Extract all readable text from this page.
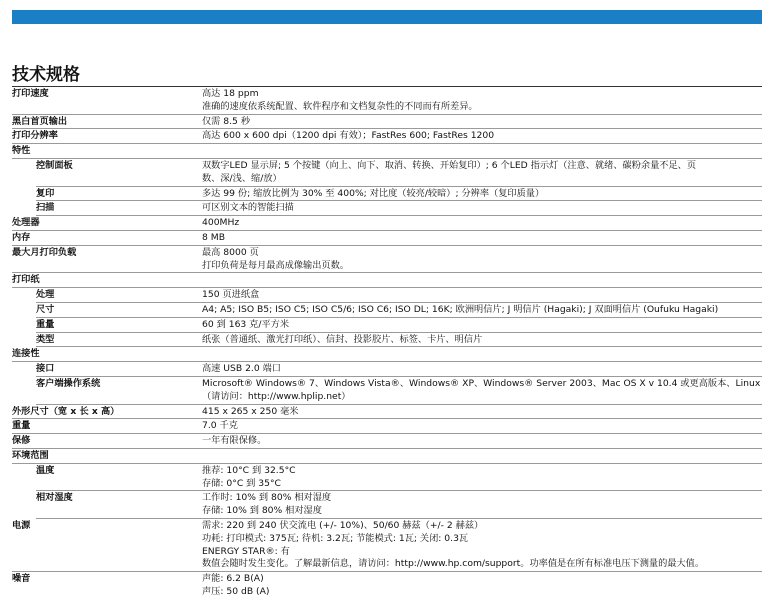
技术规格
打印速度	高达 18 ppm
准确的速度依系统配置、软件程序和文档复杂性的不同而有所差异。
黑白首页输出	仅需 8.5 秒
打印分辨率	高达 600 x 600 dpi（1200 dpi 有效）；FastRes 600; FastRes 1200
特性
控制面板	双数字LED 显示屏; 5 个按键（向上、向下、取消、转换、开始复印）; 6 个LED 指示灯（注意、就绪、碳粉余量不足、页
数、深/浅、缩/放）
复印	多达 99 份; 缩放比例为 30% 至 400%; 对比度（较亮/较暗）; 分辨率（复印质量）
扫描	可区别文本的智能扫描
处理器	400MHz
内存	8 MB
最大月打印负载	最高 8000 页
打印负荷是每月最高成像输出页数。
打印纸
处理	150 页进纸盒
尺寸	A4; A5; ISO B5; ISO C5; ISO C5/6; ISO C6; ISO DL; 16K; 欧洲明信片; J 明信片 (Hagaki); J 双面明信片 (Oufuku Hagaki)
重量	60 到 163 克/平方米
类型	纸张（普通纸、激光打印纸）、信封、投影胶片、标签、卡片、明信片
连接性
接口	高速 USB 2.0 端口
客户端操作系统	Microsoft® Windows® 7、Windows Vista®、Windows® XP、Windows® Server 2003、Mac OS X v 10.4 或更高版本、Linux
（请访问：http://www.hplip.net）
外形尺寸（宽 x 长 x 高）	415 x 265 x 250 毫米
重量	7.0 千克
保修	一年有限保修。
环境范围
温度	推荐: 10°C 到 32.5°C
存储: 0°C 到 35°C
相对湿度	工作时: 10% 到 80% 相对湿度
存储: 10% 到 80% 相对湿度
电源	需求: 220 到 240 伏交流电 (+/- 10%)、50/60 赫兹（+/- 2 赫兹）
功耗: 打印模式: 375瓦; 待机: 3.2瓦; 节能模式: 1瓦; 关闭: 0.3瓦
ENERGY STAR®: 有
数值会随时发生变化。了解最新信息，请访问：http://www.hp.com/support。功率值是在所有标准电压下测量的最大值。
噪音	声能: 6.2 B(A)
声压: 50 dB (A)
